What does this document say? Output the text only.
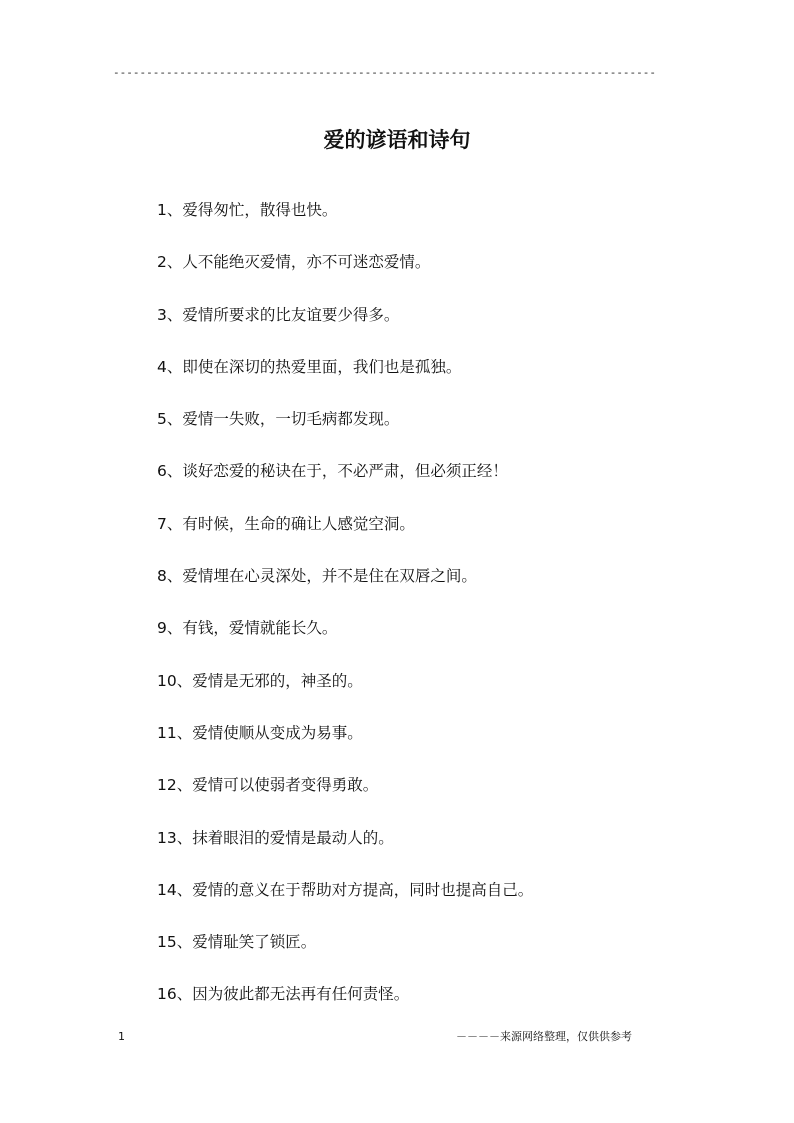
----------------------------------------------------------------------------------
爱的谚语和诗句
1、爱得匆忙，散得也快。
2、人不能绝灭爱情，亦不可迷恋爱情。
3、爱情所要求的比友谊要少得多。
4、即使在深切的热爱里面，我们也是孤独。
5、爱情一失败，一切毛病都发现。
6、谈好恋爱的秘诀在于，不必严肃，但必须正经！
7、有时候，生命的确让人感觉空洞。
8、爱情埋在心灵深处，并不是住在双唇之间。
9、有钱，爱情就能长久。
10、爱情是无邪的，神圣的。
11、爱情使顺从变成为易事。
12、爱情可以使弱者变得勇敢。
13、抹着眼泪的爱情是最动人的。
14、爱情的意义在于帮助对方提高，同时也提高自己。
15、爱情耻笑了锁匠。
16、因为彼此都无法再有任何责怪。

1	－－－－来源网络整理，仅供供参考
